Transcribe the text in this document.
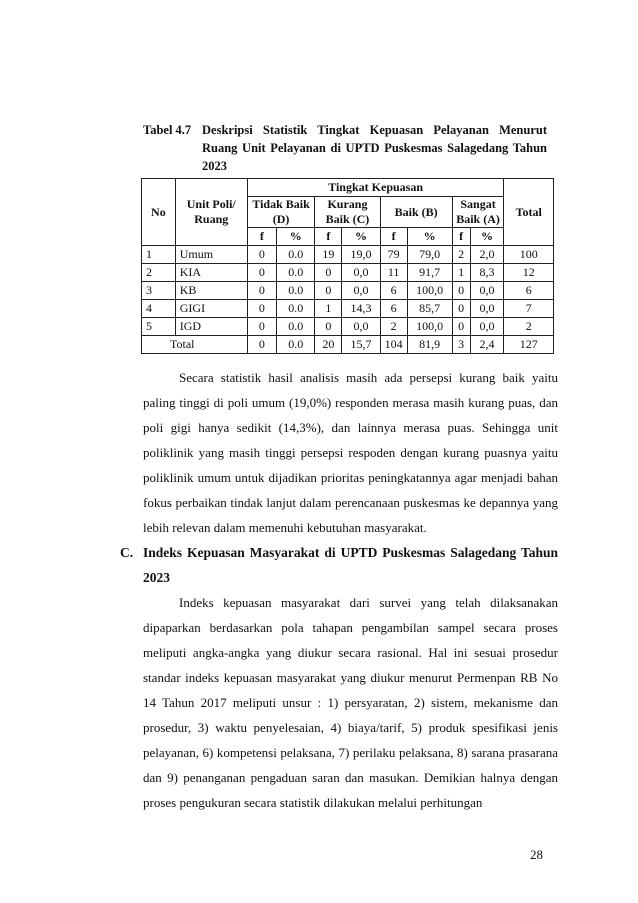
Tabel 4.7 Deskripsi Statistik Tingkat Kepuasan Pelayanan Menurut Ruang Unit Pelayanan di UPTD Puskesmas Salagedang Tahun 2023
No	Unit Poli/ Ruang	Tingkat Kepuasan								Total
		Tidak Baik (D)		Kurang Baik (C)		Baik (B)		Sangat Baik (A)		
		f	%	f	%	f	%	f	%	
1	Umum	0	0.0	19	19,0	79	79,0	2	2,0	100
2	KIA	0	0.0	0	0,0	11	91,7	1	8,3	12
3	KB	0	0.0	0	0,0	6	100,0	0	0,0	6
4	GIGI	0	0.0	1	14,3	6	85,7	0	0,0	7
5	IGD	0	0.0	0	0,0	2	100,0	0	0,0	2
Total		0	0.0	20	15,7	104	81,9	3	2,4	127

Secara statistik hasil analisis masih ada persepsi kurang baik yaitu paling tinggi di poli umum (19,0%) responden merasa masih kurang puas, dan poli gigi hanya sedikit (14,3%), dan lainnya merasa puas. Sehingga unit poliklinik yang masih tinggi persepsi respoden dengan kurang puasnya yaitu poliklinik umum untuk dijadikan prioritas peningkatannya agar menjadi bahan fokus perbaikan tindak lanjut dalam perencanaan puskesmas ke depannya yang lebih relevan dalam memenuhi kebutuhan masyarakat.

C. Indeks Kepuasan Masyarakat di UPTD Puskesmas Salagedang Tahun 2023

Indeks kepuasan masyarakat dari survei yang telah dilaksanakan dipaparkan berdasarkan pola tahapan pengambilan sampel secara proses meliputi angka-angka yang diukur secara rasional. Hal ini sesuai prosedur standar indeks kepuasan masyarakat yang diukur menurut Permenpan RB No 14 Tahun 2017 meliputi unsur : 1) persyaratan, 2) sistem, mekanisme dan prosedur, 3) waktu penyelesaian, 4) biaya/tarif, 5) produk spesifikasi jenis pelayanan, 6) kompetensi pelaksana, 7) perilaku pelaksana, 8) sarana prasarana dan 9) penanganan pengaduan saran dan masukan. Demikian halnya dengan proses pengukuran secara statistik dilakukan melalui perhitungan

28
